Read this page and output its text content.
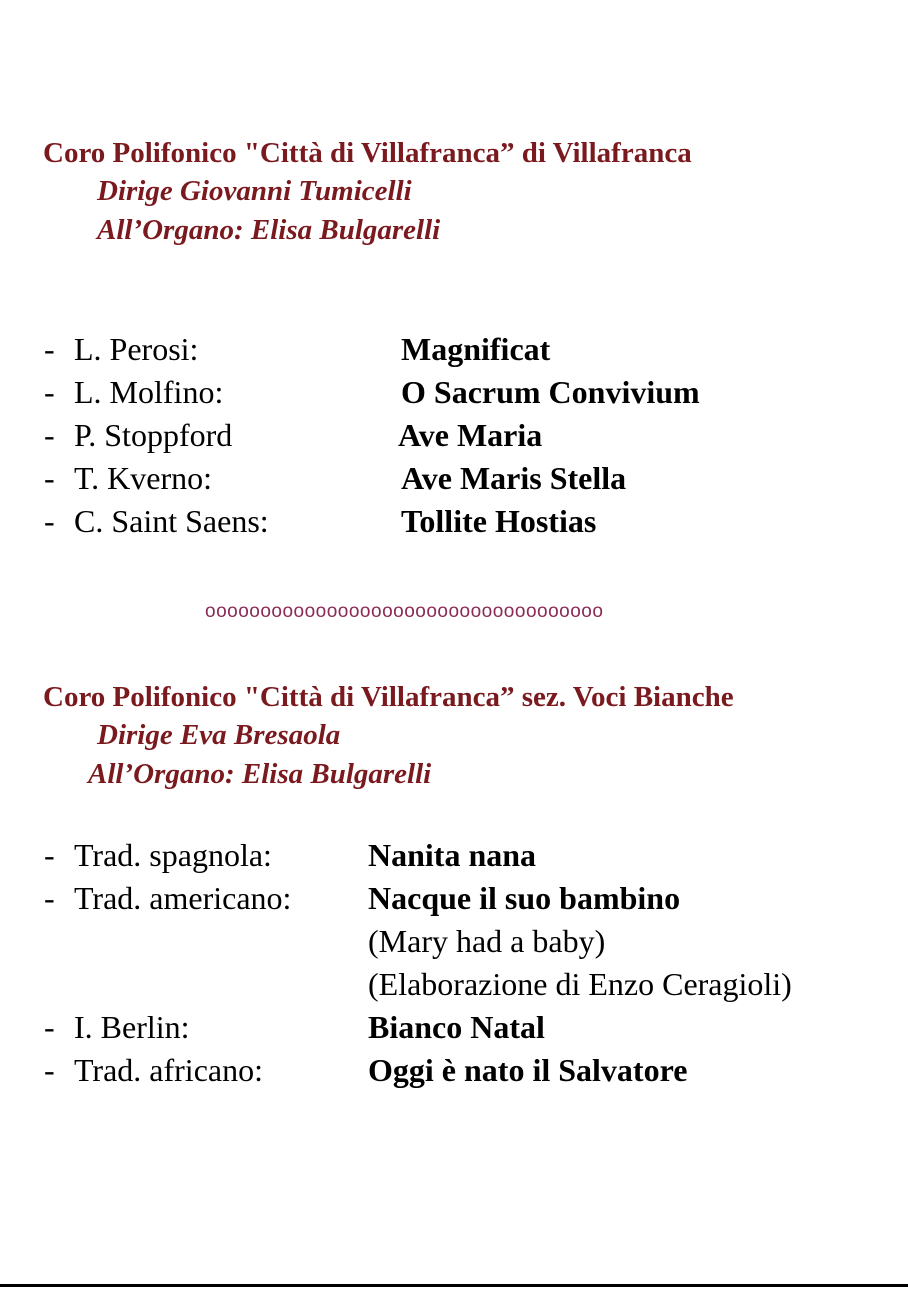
Coro Polifonico "Città di Villafranca” di Villafranca
Dirige Giovanni Tumicelli
All’Organo: Elisa Bulgarelli
- L. Perosi:	Magnificat
- L. Molfino:	O Sacrum Convivium
- P. Stoppford	Ave Maria
- T. Kverno:	Ave Maris Stella
- C. Saint Saens:	Tollite Hostias
oooooooooooooooooooooooooooooooooooo
Coro Polifonico "Città di Villafranca” sez. Voci Bianche
Dirige Eva Bresaola
All’Organo: Elisa Bulgarelli
- Trad. spagnola:	Nanita nana
- Trad. americano: Nacque il suo bambino
(Mary had a baby)
(Elaborazione di Enzo Ceragioli)
- I. Berlin:	Bianco Natal
- Trad. africano:	Oggi è nato il Salvatore
